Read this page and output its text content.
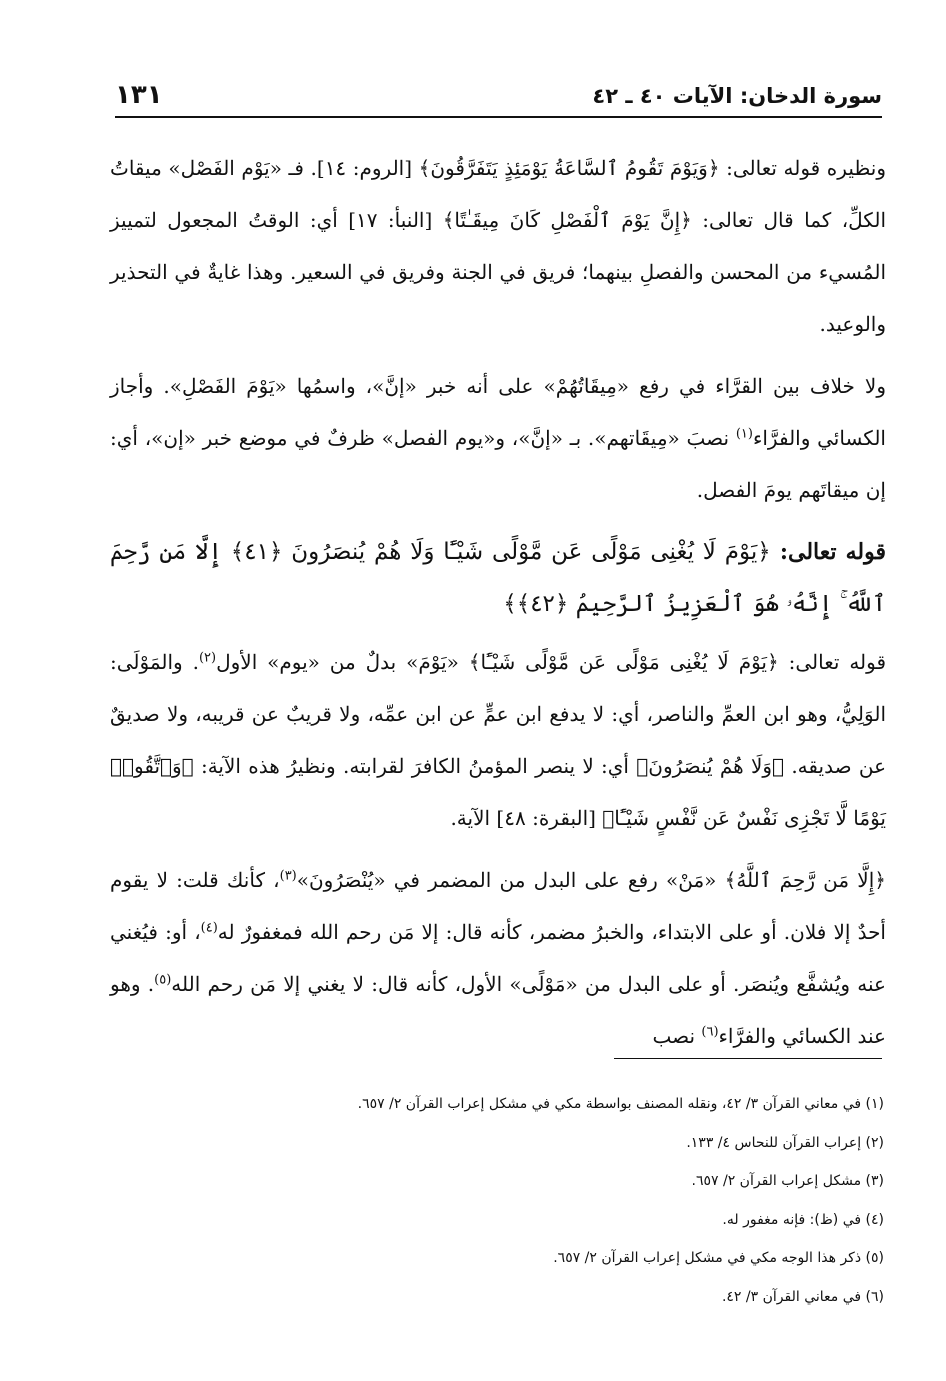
سورة الدخان: الآيات ٤٠ ـ ٤٢
١٣١

ونظيره قوله تعالى: ﴿وَيَوْمَ تَقُومُ ٱلسَّاعَةُ يَوْمَئِذٍ يَتَفَرَّقُونَ﴾ [الروم: ١٤]. فـ «يَوْم الفَصْل» ميقاتُ الكلِّ، كما قال تعالى: ﴿إِنَّ يَوْمَ ٱلْفَصْلِ كَانَ مِيقَـٰتًا﴾ [النبأ: ١٧] أي: الوقتُ المجعول لتمييز المُسيء من المحسن والفصلِ بينهما؛ فريق في الجنة وفريق في السعير. وهذا غايةٌ في التحذير والوعيد.

ولا خلاف بين القرَّاء في رفع «مِيقَاتُهُمْ» على أنه خبر «إنَّ»، واسمُها «يَوْمَ الفَصْلِ». وأجاز الكسائي والفرَّاء$^{(١)}$ نصبَ «مِيقَاتهم». بـ «إنَّ»، و«يوم الفصل» ظرفٌ في موضع خبر «إن»، أي: إن ميقاتَهم يومَ الفصل.

قوله تعالى: ﴿يَوْمَ لَا يُغْنِى مَوْلًى عَن مَّوْلًى شَيْـًٔا وَلَا هُمْ يُنصَرُونَ ﴿٤١﴾ إِلَّا مَن رَّحِمَ ٱللَّهُ ۚ إِنَّهُۥ هُوَ ٱلْعَزِيزُ ٱلرَّحِيمُ ﴿٤٢﴾﴾

قوله تعالى: ﴿يَوْمَ لَا يُغْنِى مَوْلًى عَن مَّوْلًى شَيْـًٔا﴾ «يَوْمَ» بدلٌ من «يوم» الأول$^{(٢)}$. والمَوْلَى: الوَلِيُّ، وهو ابن العمِّ والناصر، أي: لا يدفع ابن عمٍّ عن ابن عمِّه، ولا قريبٌ عن قريبه، ولا صديقٌ عن صديقه. ﴿وَلَا هُمْ يُنصَرُونَ﴾ أي: لا ينصر المؤمنُ الكافرَ لقرابته. ونظيرُ هذه الآية: ﴿وَٱتَّقُوا۟ يَوْمًا لَّا تَجْزِى نَفْسٌ عَن نَّفْسٍ شَيْـًٔا﴾ [البقرة: ٤٨] الآية.

﴿إِلَّا مَن رَّحِمَ ٱللَّهُ﴾ «مَنْ» رفع على البدل من المضمر في «يُنْصَرُونَ»$^{(٣)}$، كأنك قلت: لا يقوم أحدٌ إلا فلان. أو على الابتداء، والخبرُ مضمر، كأنه قال: إلا مَن رحم الله فمغفورٌ له$^{(٤)}$، أو: فيُغني عنه ويُشفَّع ويُنصَر. أو على البدل من «مَوْلًى» الأول، كأنه قال: لا يغني إلا مَن رحم الله$^{(٥)}$. وهو عند الكسائي والفرَّاء$^{(٦)}$ نصب

(١) في معاني القرآن ٣/ ٤٢، ونقله المصنف بواسطة مكي في مشكل إعراب القرآن ٢/ ٦٥٧.
(٢) إعراب القرآن للنحاس ٤/ ١٣٣.
(٣) مشكل إعراب القرآن ٢/ ٦٥٧.
(٤) في (ظ): فإنه مغفور له.
(٥) ذكر هذا الوجه مكي في مشكل إعراب القرآن ٢/ ٦٥٧.
(٦) في معاني القرآن ٣/ ٤٢.
